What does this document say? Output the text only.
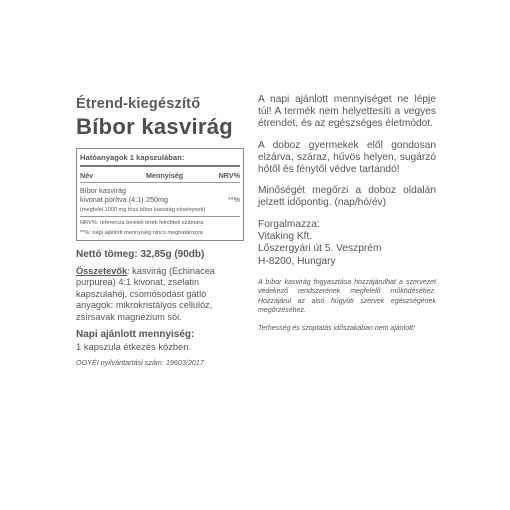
Étrend-kiegészítő
Bíbor kasvirág
Hatóanyagok 1 kapszulában:
Név	Mennyiség	NRV%
Bíbor kasvirág
kivonat porítva (4:1) 250mg	**%
(megfelel 1000 mg friss bíbor kasvirág növénynek)
NRV%: referencia beviteli érték felnőttek számára
**%: napi ajánlott mennyiség nincs meghatározva
Nettó tömeg: 32,85g (90db)
Összetevők: kasvirág (Echinacea purpurea) 4:1 kivonat, zselatin kapszulahéj, csomósodást gátló anyagok: mikrokristályos cellulóz, zsírsavak magnézium sói.
Napi ajánlott mennyiség:
1 kapszula étkezés közben.
OGYÉI nyilvántartási szám: 19603/2017

A napi ajánlott mennyiséget ne lépje túl! A termék nem helyettesíti a vegyes étrendet, és az egészséges életmódot.

A doboz gyermekek elől gondosan elzárva, száraz, hűvös helyen, sugárzó hőtől és fénytől védve tartandó!

Minőségét megőrzi a doboz oldalán jelzett időpontig. (nap/hó/év)

Forgalmazza:
Vitaking Kft.
Lőszergyári út 5. Veszprém
H-8200, Hungary

A bíbor kasvirág fogyasztása hozzájárulhat a szervezet védekező rendszerének megfelelő működéséhez. Hozzájárul az alsó húgyúti szervek egészségének megőrzéséhez.

Terhesség és szoptatás időszakában nem ajánlott!
